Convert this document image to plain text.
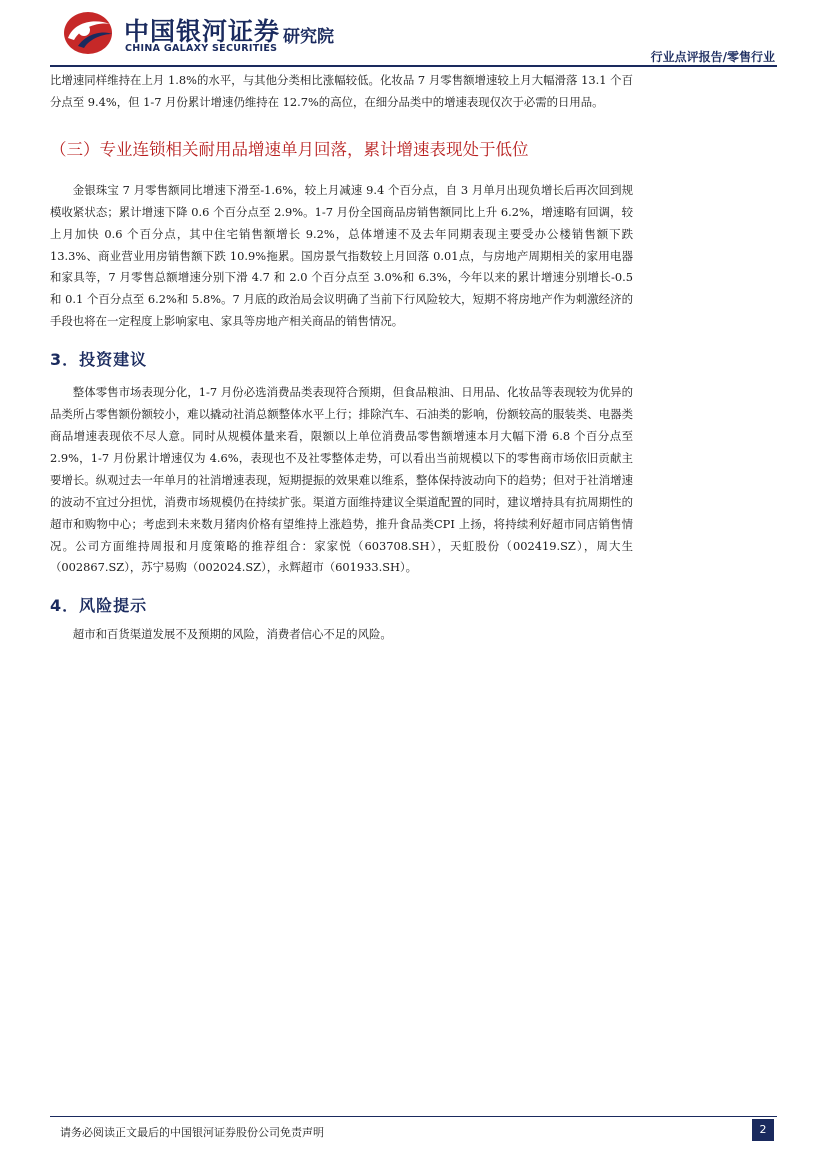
中国银河证券
CHINA GALAXY SECURITIES
研究院
行业点评报告/零售行业

比增速同样维持在上月 1.8%的水平，与其他分类相比涨幅较低。化妆品 7 月零售额增速较上月大幅滑落 13.1 个百分点至 9.4%，但 1-7 月份累计增速仍维持在 12.7%的高位，在细分品类中的增速表现仅次于必需的日用品。

（三）专业连锁相关耐用品增速单月回落，累计增速表现处于低位

金银珠宝 7 月零售额同比增速下滑至-1.6%，较上月减速 9.4 个百分点，自 3 月单月出现负增长后再次回到规模收紧状态；累计增速下降 0.6 个百分点至 2.9%。1-7 月份全国商品房销售额同比上升 6.2%，增速略有回调，较上月加快 0.6 个百分点，其中住宅销售额增长 9.2%，总体增速不及去年同期表现主要受办公楼销售额下跌 13.3%、商业营业用房销售额下跌 10.9%拖累。国房景气指数较上月回落 0.01点，与房地产周期相关的家用电器和家具等，7 月零售总额增速分别下滑 4.7 和 2.0 个百分点至 3.0%和 6.3%，今年以来的累计增速分别增长-0.5 和 0.1 个百分点至 6.2%和 5.8%。7 月底的政治局会议明确了当前下行风险较大，短期不将房地产作为刺激经济的手段也将在一定程度上影响家电、家具等房地产相关商品的销售情况。

3．投资建议

整体零售市场表现分化，1-7 月份必选消费品类表现符合预期，但食品粮油、日用品、化妆品等表现较为优异的品类所占零售额份额较小，难以撬动社消总额整体水平上行；排除汽车、石油类的影响，份额较高的服装类、电器类商品增速表现依不尽人意。同时从规模体量来看，限额以上单位消费品零售额增速本月大幅下滑 6.8 个百分点至 2.9%，1-7 月份累计增速仅为 4.6%，表现也不及社零整体走势，可以看出当前规模以下的零售商市场依旧贡献主要增长。纵观过去一年单月的社消增速表现，短期提振的效果难以维系，整体保持波动向下的趋势；但对于社消增速的波动不宜过分担忧，消费市场规模仍在持续扩张。渠道方面维持建议全渠道配置的同时，建议增持具有抗周期性的超市和购物中心；考虑到未来数月猪肉价格有望维持上涨趋势，推升食品类CPI 上扬，将持续利好超市同店销售情况。公司方面维持周报和月度策略的推荐组合：家家悦（603708.SH），天虹股份（002419.SZ），周大生（002867.SZ），苏宁易购（002024.SZ），永辉超市（601933.SH）。

4．风险提示

超市和百货渠道发展不及预期的风险，消费者信心不足的风险。

请务必阅读正文最后的中国银河证券股份公司免责声明	2
